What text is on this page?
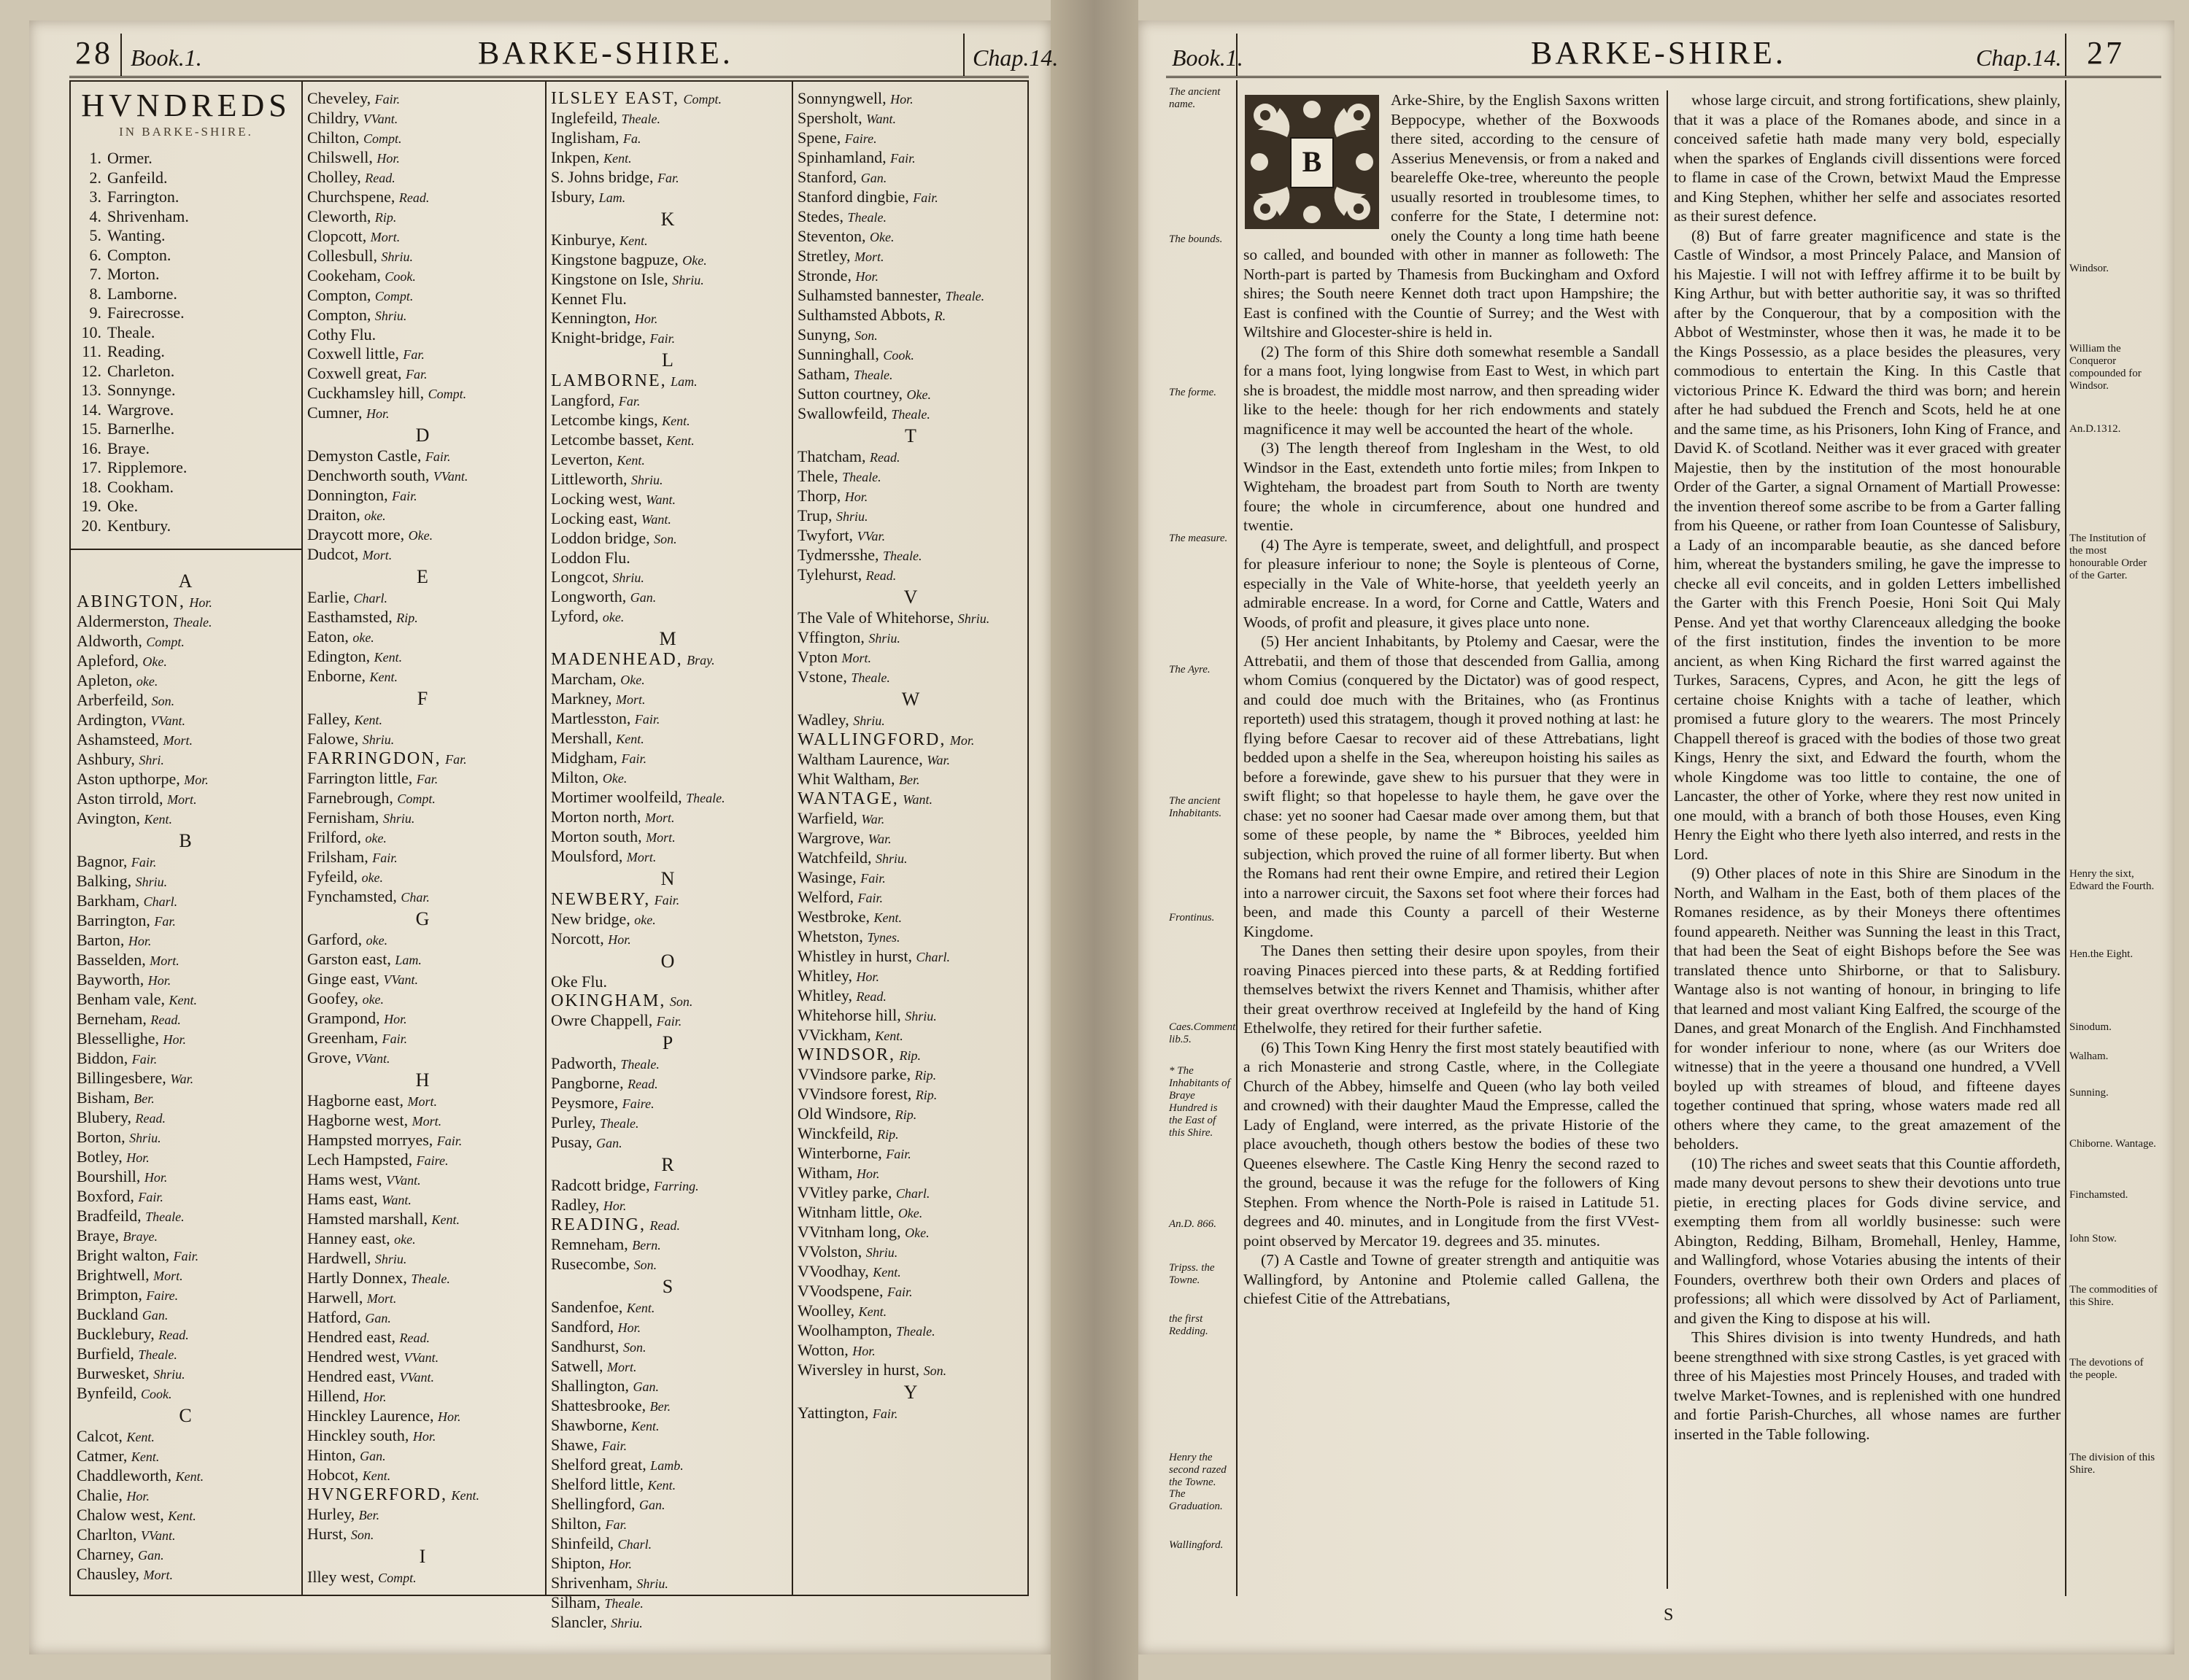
28 Book.1.	BARKE-SHIRE.	Chap.14.
HVNDREDS
IN BARKE-SHIRE.
1. Ormer.
2. Ganfeild.
3. Farrington.
4. Shrivenham.
5. Wanting.
6. Compton.
7. Morton.
8. Lamborne.
9. Fairecrosse.
10. Theale.
11. Reading.
12. Charleton.
13. Sonnynge.
14. Wargrove.
15. Barnerlhe.
16. Braye.
17. Ripplemore.
18. Cookham.
19. Oke.
20. Kentbury.
A
ABINGTON, Hor.
Aldermerston, Theale.
Aldworth, Compt.
Apleford, Oke.
Apleton, oke.
Arberfeild, Son.
Ardington, VVant.
Ashamsteed, Mort.
Ashbury, Shri.
Aston upthorpe, Mor.
Aston tirrold, Mort.
Avington, Kent.
B
Bagnor, Fair.
Balking, Shriu.
Barkham, Charl.
Barrington, Far.
Barton, Hor.
Basselden, Mort.
Bayworth, Hor.
Benham vale, Kent.
Berneham, Read.
Blessellighe, Hor.
Biddon, Fair.
Billingesbere, War.
Bisham, Ber.
Blubery, Read.
Borton, Shriu.
Botley, Hor.
Bourshill, Hor.
Boxford, Fair.
Bradfeild, Theale.
Braye, Braye.
Bright walton, Fair.
Brightwell, Mort.
Brimpton, Faire.
Buckland Gan.
Bucklebury, Read.
Burfield, Theale.
Burwesket, Shriu.
Bynfeild, Cook.
C
Calcot, Kent.
Catmer, Kent.
Chaddleworth, Kent.
Chalie, Hor.
Chalow west, Kent.
Charlton, VVant.
Charney, Gan.
Chausley, Mort.
Cheveley, Fair.
Childry, VVant.
Chilton, Compt.
Chilswell, Hor.
Cholley, Read.
Churchspene, Read.
Cleworth, Rip.
Clopcott, Mort.
Collesbull, Shriu.
Cookeham, Cook.
Compton, Compt.
Compton, Shriu.
Cothy Flu.
Coxwell little, Far.
Coxwell great, Far.
Cuckhamsley hill, Compt.
Cumner, Hor.
D
Demyston Castle, Fair.
Denchworth south, VVant.
Donnington, Fair.
Draiton, oke.
Draycott more, Oke.
Dudcot, Mort.
E
Earlie, Charl.
Easthamsted, Rip.
Eaton, oke.
Edington, Kent.
Enborne, Kent.
F
Falley, Kent.
Falowe, Shriu.
FARRINGDON, Far.
Farrington little, Far.
Farnebrough, Compt.
Fernisham, Shriu.
Frilford, oke.
Frilsham, Fair.
Fyfeild, oke.
Fynchamsted, Char.
G
Garford, oke.
Garston east, Lam.
Ginge east, VVant.
Goofey, oke.
Grampond, Hor.
Greenham, Fair.
Grove, VVant.
H
Hagborne east, Mort.
Hagborne west, Mort.
Hampsted morryes, Fair.
Lech Hampsted, Faire.
Hams west, VVant.
Hams east, Want.
Hamsted marshall, Kent.
Hanney east, oke.
Hardwell, Shriu.
Hartly Donnex, Theale.
Harwell, Mort.
Hatford, Gan.
Hendred east, Read.
Hendred west, VVant.
Hendred east, VVant.
Hillend, Hor.
Hinckley Laurence, Hor.
Hinckley south, Hor.
Hinton, Gan.
Hobcot, Kent.
HVNGERFORD, Kent.
Hurley, Ber.
Hurst, Son.
I
Illey west, Compt.
ILSLEY EAST, Compt.
Inglefeild, Theale.
Inglisham, Fa.
Inkpen, Kent.
S. Johns bridge, Far.
Isbury, Lam.
K
Kinburye, Kent.
Kingstone bagpuze, Oke.
Kingstone on Isle, Shriu.
Kennet Flu.
Kennington, Hor.
Knight-bridge, Fair.
L
LAMBORNE, Lam.
Langford, Far.
Letcombe kings, Kent.
Letcombe basset, Kent.
Leverton, Kent.
Littleworth, Shriu.
Locking west, Want.
Locking east, Want.
Loddon bridge, Son.
Loddon Flu.
Longcot, Shriu.
Longworth, Gan.
Lyford, oke.
M
MADENHEAD, Bray.
Marcham, Oke.
Markney, Mort.
Martlesston, Fair.
Mershall, Kent.
Midgham, Fair.
Milton, Oke.
Mortimer woolfeild, Theale.
Morton north, Mort.
Morton south, Mort.
Moulsford, Mort.
N
NEWBERY, Fair.
New bridge, oke.
Norcott, Hor.
O
Oke Flu.
OKINGHAM, Son.
Owre Chappell, Fair.
P
Padworth, Theale.
Pangborne, Read.
Peysmore, Faire.
Purley, Theale.
Pusay, Gan.
R
Radcott bridge, Farring.
Radley, Hor.
READING, Read.
Remneham, Bern.
Rusecombe, Son.
S
Sandenfoe, Kent.
Sandford, Hor.
Sandhurst, Son.
Satwell, Mort.
Shallington, Gan.
Shattesbrooke, Ber.
Shawborne, Kent.
Shawe, Fair.
Shelford great, Lamb.
Shelford little, Kent.
Shellingford, Gan.
Shilton, Far.
Shinfeild, Charl.
Shipton, Hor.
Shrivenham, Shriu.
Silham, Theale.
Slancler, Shriu.
Sonnyngwell, Hor.
Spersholt, Want.
Spene, Faire.
Spinhamland, Fair.
Stanford, Gan.
Stanford dingbie, Fair.
Stedes, Theale.
Steventon, Oke.
Stretley, Mort.
Stronde, Hor.
Sulhamsted bannester, Theale.
Sulthamsted Abbots, R.
Sunyng, Son.
Sunninghall, Cook.
Satham, Theale.
Sutton courtney, Oke.
Swallowfeild, Theale.
T
Thatcham, Read.
Thele, Theale.
Thorp, Hor.
Trup, Shriu.
Twyfort, VVar.
Tydmersshe, Theale.
Tylehurst, Read.
V
The Vale of Whitehorse, Shriu.
Vffington, Shriu.
Vpton Mort.
Vstone, Theale.
W
Wadley, Shriu.
WALLINGFORD, Mor.
Waltham Laurence, War.
Whit Waltham, Ber.
WANTAGE, Want.
Warfield, War.
Wargrove, War.
Watchfeild, Shriu.
Wasinge, Fair.
Welford, Fair.
Westbroke, Kent.
Whetston, Tynes.
Whistley in hurst, Charl.
Whitley, Hor.
Whitley, Read.
Whitehorse hill, Shriu.
VVickham, Kent.
WINDSOR, Rip.
VVindsore parke, Rip.
VVindsore forest, Rip.
Old Windsore, Rip.
Winckfeild, Rip.
Winterborne, Fair.
Witham, Hor.
VVitley parke, Charl.
Witnham little, Oke.
VVitnham long, Oke.
VVolston, Shriu.
VVoodhay, Kent.
VVoodspene, Fair.
Woolley, Kent.
Woolhampton, Theale.
Wotton, Hor.
Wiversley in hurst, Son.
Y
Yattington, Fair.
Book.1.	BARKE-SHIRE.	Chap.14. 27
The ancient name.
The bounds.
The forme.
The measure.
The Ayre.
The ancient Inhabitants.
Frontinus.
Caes.Comment. lib.5.
* The Inhabitants of Braye Hundred is the East of this Shire.
An.D. 866.
Tripss. the Towne.
the first Redding.
Henry the second razed the Towne.
The Graduation.
Wallingford.
Windsor.
William the Conqueror compounded for Windsor.
An.D.1312.
The Institution of the most honourable Order of the Garter.
Henry the sixt, Edward the Fourth.
Hen.the Eight.
Sinodum.
Walham.
Sunning.
Chiborne. Wantage.
Finchamsted.
Iohn Stow.
The commodities of this Shire.
The devotions of the people.
The division of this Shire.
B

Arke-Shire, by the English Saxons written Beppocype, whether of the Boxwoods there sited, according to the censure of Asserius Menevensis, or from a naked and beareleffe Oke-tree, whereunto the people usually resorted in troublesome times, to conferre for the State, I determine not: onely the County a long time hath beene so called, and bounded with other in manner as followeth: The North-part is parted by Thamesis from Buckingham and Oxford shires; the South neere Kennet doth tract upon Hampshire; the East is confined with the Countie of Surrey; and the West with Wiltshire and Glocester-shire is held in.

(2) The form of this Shire doth somewhat resemble a Sandall for a mans foot, lying longwise from East to West, in which part she is broadest, the middle most narrow, and then spreading wider like to the heele: though for her rich endowments and stately magnificence it may well be accounted the heart of the whole.

(3) The length thereof from Inglesham in the West, to old Windsor in the East, extendeth unto fortie miles; from Inkpen to Wighteham, the broadest part from South to North are twenty foure; the whole in circumference, about one hundred and twentie.

(4) The Ayre is temperate, sweet, and delightfull, and prospect for pleasure inferiour to none; the Soyle is plenteous of Corne, especially in the Vale of White-horse, that yeeldeth yeerly an admirable encrease. In a word, for Corne and Cattle, Waters and Woods, of profit and pleasure, it gives place unto none.

(5) Her ancient Inhabitants, by Ptolemy and Caesar, were the Attrebatii, and them of those that descended from Gallia, among whom Comius (conquered by the Dictator) was of good respect, and could doe much with the Britaines, who (as Frontinus reporteth) used this stratagem, though it proved nothing at last: he flying before Caesar to recover aid of these Attrebatians, light bedded upon a shelfe in the Sea, whereupon hoisting his sailes as before a forewinde, gave shew to his pursuer that they were in swift flight; so that hopelesse to hayle them, he gave over the chase: yet no sooner had Caesar made over among them, but that some of these people, by name the * Bibroces, yeelded him subjection, which proved the ruine of all former liberty. But when the Romans had rent their owne Empire, and retired their Legion into a narrower circuit, the Saxons set foot where their forces had been, and made this County a parcell of their Westerne Kingdome.

The Danes then setting their desire upon spoyles, from their roaving Pinaces pierced into these parts, & at Redding fortified themselves betwixt the rivers Kennet and Thamisis, whither after their great overthrow received at Inglefeild by the hand of King Ethelwolfe, they retired for their further safetie.

(6) This Town King Henry the first most stately beautified with a rich Monasterie and strong Castle, where, in the Collegiate Church of the Abbey, himselfe and Queen (who lay both veiled and crowned) with their daughter Maud the Empresse, called the Lady of England, were interred, as the private Historie of the place avoucheth, though others bestow the bodies of these two Queenes elsewhere. The Castle King Henry the second razed to the ground, because it was the refuge for the followers of King Stephen. From whence the North-Pole is raised in Latitude 51. degrees and 40. minutes, and in Longitude from the first VVest-point observed by Mercator 19. degrees and 35. minutes.

(7) A Castle and Towne of greater strength and antiquitie was Wallingford, by Antonine and Ptolemie called Gallena, the chiefest Citie of the Attrebatians,

whose large circuit, and strong fortifications, shew plainly, that it was a place of the Romanes abode, and since in a conceived safetie hath made many very bold, especially when the sparkes of Englands civill dissentions were forced to flame in case of the Crown, betwixt Maud the Empresse and King Stephen, whither her selfe and associates resorted as their surest defence.

(8) But of farre greater magnificence and state is the Castle of Windsor, a most Princely Palace, and Mansion of his Majestie. I will not with Ieffrey affirme it to be built by King Arthur, but with better authoritie say, it was so thrifted after by the Conquerour, that by a composition with the Abbot of Westminster, whose then it was, he made it to be the Kings Possessio, as a place besides the pleasures, very commodious to entertain the King. In this Castle that victorious Prince K. Edward the third was born; and herein after he had subdued the French and Scots, held he at one and the same time, as his Prisoners, Iohn King of France, and David K. of Scotland. Neither was it ever graced with greater Majestie, then by the institution of the most honourable Order of the Garter, a signal Ornament of Martiall Prowesse: the invention thereof some ascribe to be from a Garter falling from his Queene, or rather from Ioan Countesse of Salisbury, a Lady of an incomparable beautie, as she danced before him, whereat the bystanders smiling, he gave the impresse to checke all evil conceits, and in golden Letters imbellished the Garter with this French Poesie, Honi Soit Qui Maly Pense. And yet that worthy Clarenceaux alledging the booke of the first institution, findes the invention to be more ancient, as when King Richard the first warred against the Turkes, Saracens, Cypres, and Acon, he gitt the legs of certaine choise Knights with a tache of leather, which promised a future glory to the wearers. The most Princely Chappell thereof is graced with the bodies of those two great Kings, Henry the sixt, and Edward the fourth, whom the whole Kingdome was too little to containe, the one of Lancaster, the other of Yorke, where they rest now united in one mould, with a branch of both those Houses, even King Henry the Eight who there lyeth also interred, and rests in the Lord.

(9) Other places of note in this Shire are Sinodum in the North, and Walham in the East, both of them places of the Romanes residence, as by their Moneys there oftentimes found appeareth. Neither was Sunning the least in this Tract, that had been the Seat of eight Bishops before the See was translated thence unto Shirborne, or that to Salisbury. Wantage also is not wanting of honour, in bringing to life that learned and most valiant King Ealfred, the scourge of the Danes, and great Monarch of the English. And Finchhamsted for wonder inferiour to none, where (as our Writers doe witnesse) that in the yeere a thousand one hundred, a VVell boyled up with streames of bloud, and fifteene dayes together continued that spring, whose waters made red all others where they came, to the great amazement of the beholders.

(10) The riches and sweet seats that this Countie affordeth, made many devout persons to shew their devotions unto true pietie, in erecting places for Gods divine service, and exempting them from all worldly businesse: such were Abington, Redding, Bilham, Bromehall, Henley, Hamme, and Wallingford, whose Votaries abusing the intents of their Founders, overthrew both their own Orders and places of professions; all which were dissolved by Act of Parliament, and given the King to dispose at his will.

This Shires division is into twenty Hundreds, and hath beene strengthned with sixe strong Castles, is yet graced with three of his Majesties most Princely Houses, and traded with twelve Market-Townes, and is replenished with one hundred and fortie Parish-Churches, all whose names are further inserted in the Table following.

S
